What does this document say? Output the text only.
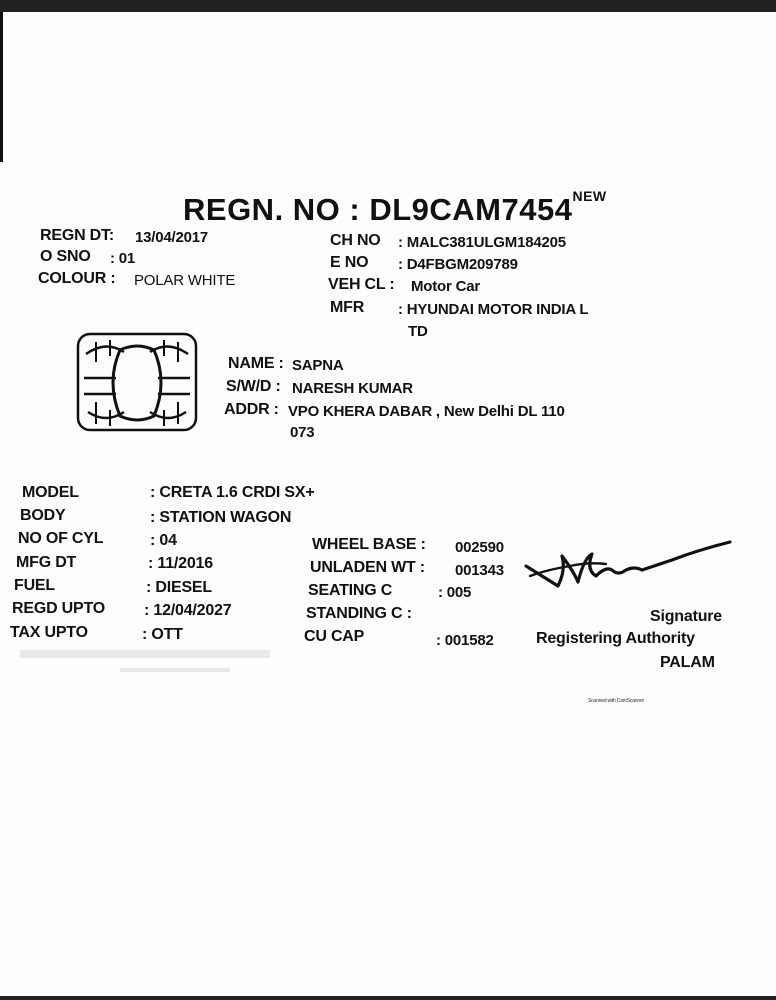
REGN. NO : $DL9CAM7454^{NEW}$
REGN DT: 13/04/2017
O SNO : 01
COLOUR : POLAR WHITE
CH NO : MALC381ULGM184205
E NO : D4FBGM209789
VEH CL : Motor Car
MFR : HYUNDAI MOTOR INDIA L
TD
NAME : SAPNA
S/W/D : NARESH KUMAR
ADDR : VPO KHERA DABAR , New Delhi DL 110
073
MODEL	: CRETA 1.6 CRDI SX+
BODY	: STATION WAGON
NO OF CYL	: 04
MFG DT	: 11/2016
FUEL	: DIESEL
REGD UPTO : 12/04/2027
TAX UPTO	: OTT
WHEEL BASE : 002590
UNLADEN WT : 001343
SEATING C	: 005
STANDING C :
CU CAP	: 001582
Signature
Registering Authority
PALAM
Scanned with CamScanner
